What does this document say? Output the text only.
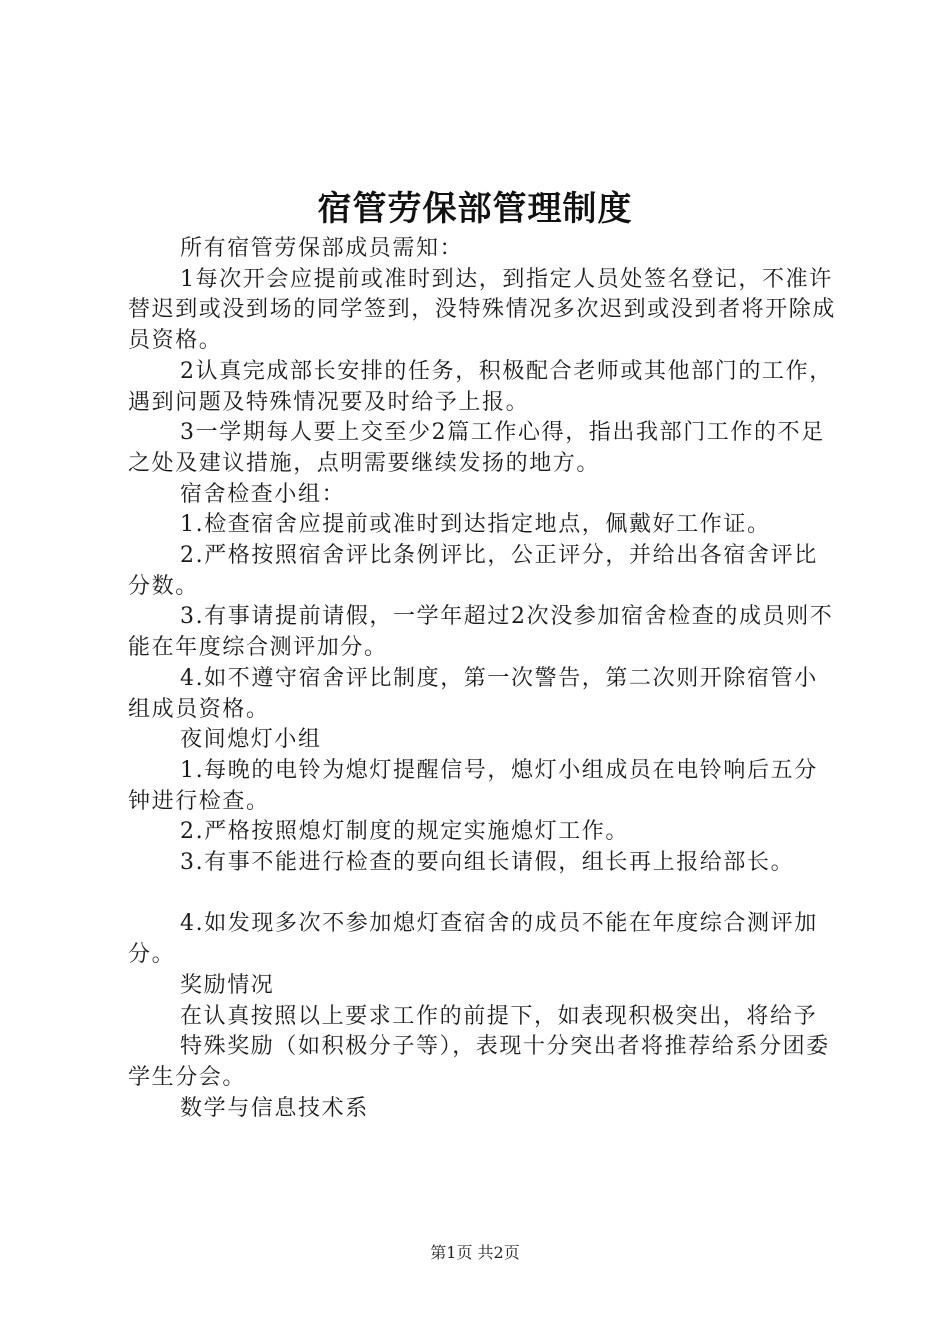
宿管劳保部管理制度

所有宿管劳保部成员需知：

1每次开会应提前或准时到达，到指定人员处签名登记，不准许替迟到或没到场的同学签到，没特殊情况多次迟到或没到者将开除成员资格。

2认真完成部长安排的任务，积极配合老师或其他部门的工作，遇到问题及特殊情况要及时给予上报。

3一学期每人要上交至少2篇工作心得，指出我部门工作的不足之处及建议措施，点明需要继续发扬的地方。

宿舍检查小组：

1.检查宿舍应提前或准时到达指定地点，佩戴好工作证。

2.严格按照宿舍评比条例评比，公正评分，并给出各宿舍评比分数。

3.有事请提前请假，一学年超过2次没参加宿舍检查的成员则不能在年度综合测评加分。

4.如不遵守宿舍评比制度，第一次警告，第二次则开除宿管小组成员资格。

夜间熄灯小组

1.每晚的电铃为熄灯提醒信号，熄灯小组成员在电铃响后五分钟进行检查。

2.严格按照熄灯制度的规定实施熄灯工作。

3.有事不能进行检查的要向组长请假，组长再上报给部长。

4.如发现多次不参加熄灯查宿舍的成员不能在年度综合测评加分。

奖励情况

在认真按照以上要求工作的前提下，如表现积极突出，将给予

特殊奖励（如积极分子等），表现十分突出者将推荐给系分团委学生分会。

数学与信息技术系

第1页 共2页
